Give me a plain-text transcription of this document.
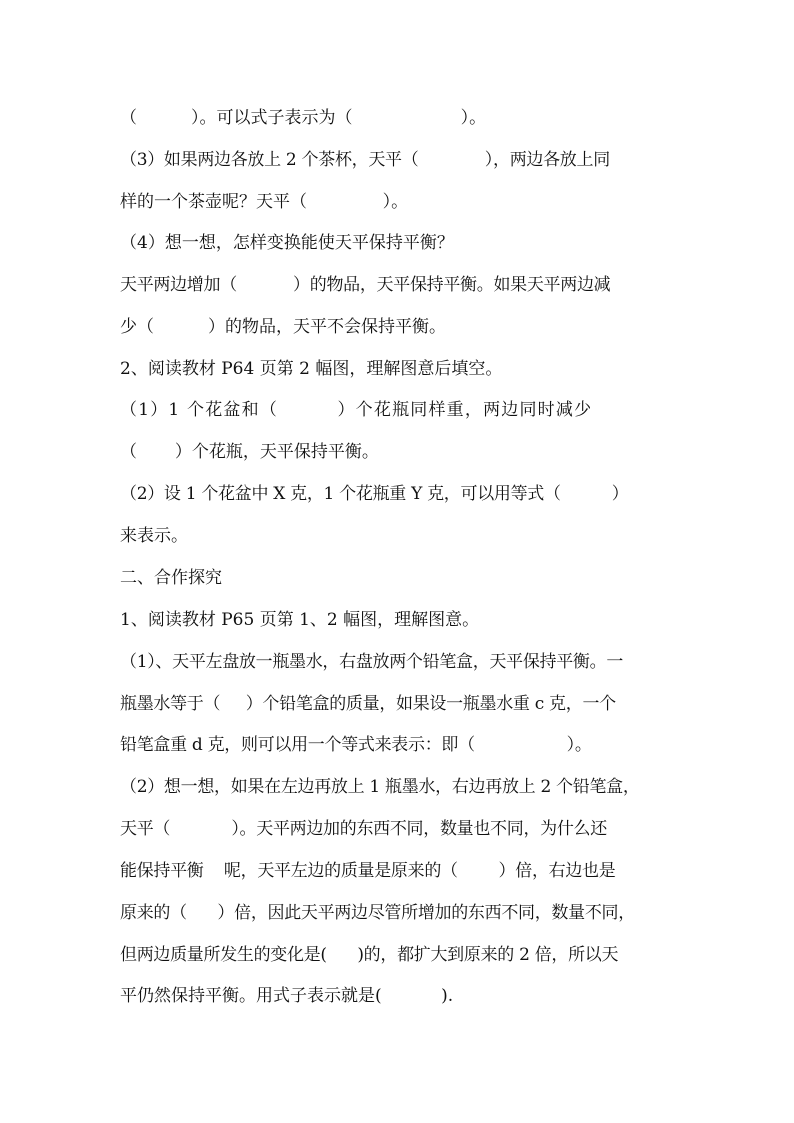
（          ）。可以式子表示为（                    ）。
（3）如果两边各放上 2 个茶杯，天平（             ），两边各放上同
样的一个茶壶呢？天平（              ）。
（4）想一想，怎样变换能使天平保持平衡？
天平两边增加（           ）的物品，天平保持平衡。如果天平两边减
少（          ）的物品，天平不会保持平衡。
2、阅读教材 P64 页第 2 幅图，理解图意后填空。
（1）1 个花盆和（         ）个花瓶同样重，两边同时减少
（       ）个花瓶，天平保持平衡。
（2）设 1 个花盆中 X 克，1 个花瓶重 Y 克，可以用等式（          ）
来表示。
二、合作探究
1、阅读教材 P65 页第 1、2 幅图，理解图意。
（1）、天平左盘放一瓶墨水，右盘放两个铅笔盒，天平保持平衡。一
瓶墨水等于（     ）个铅笔盒的质量，如果设一瓶墨水重 c 克，一个
铅笔盒重 d 克，则可以用一个等式来表示：即（                  ）。
（2）想一想，如果在左边再放上 1 瓶墨水，右边再放上 2 个铅笔盒，
天平（            ）。天平两边加的东西不同，数量也不同，为什么还
能保持平衡    呢，天平左边的质量是原来的（        ）倍，右边也是
原来的（      ）倍，因此天平两边尽管所增加的东西不同，数量不同，
但两边质量所发生的变化是(      )的，都扩大到原来的 2 倍，所以天
平仍然保持平衡。用式子表示就是(           ).
